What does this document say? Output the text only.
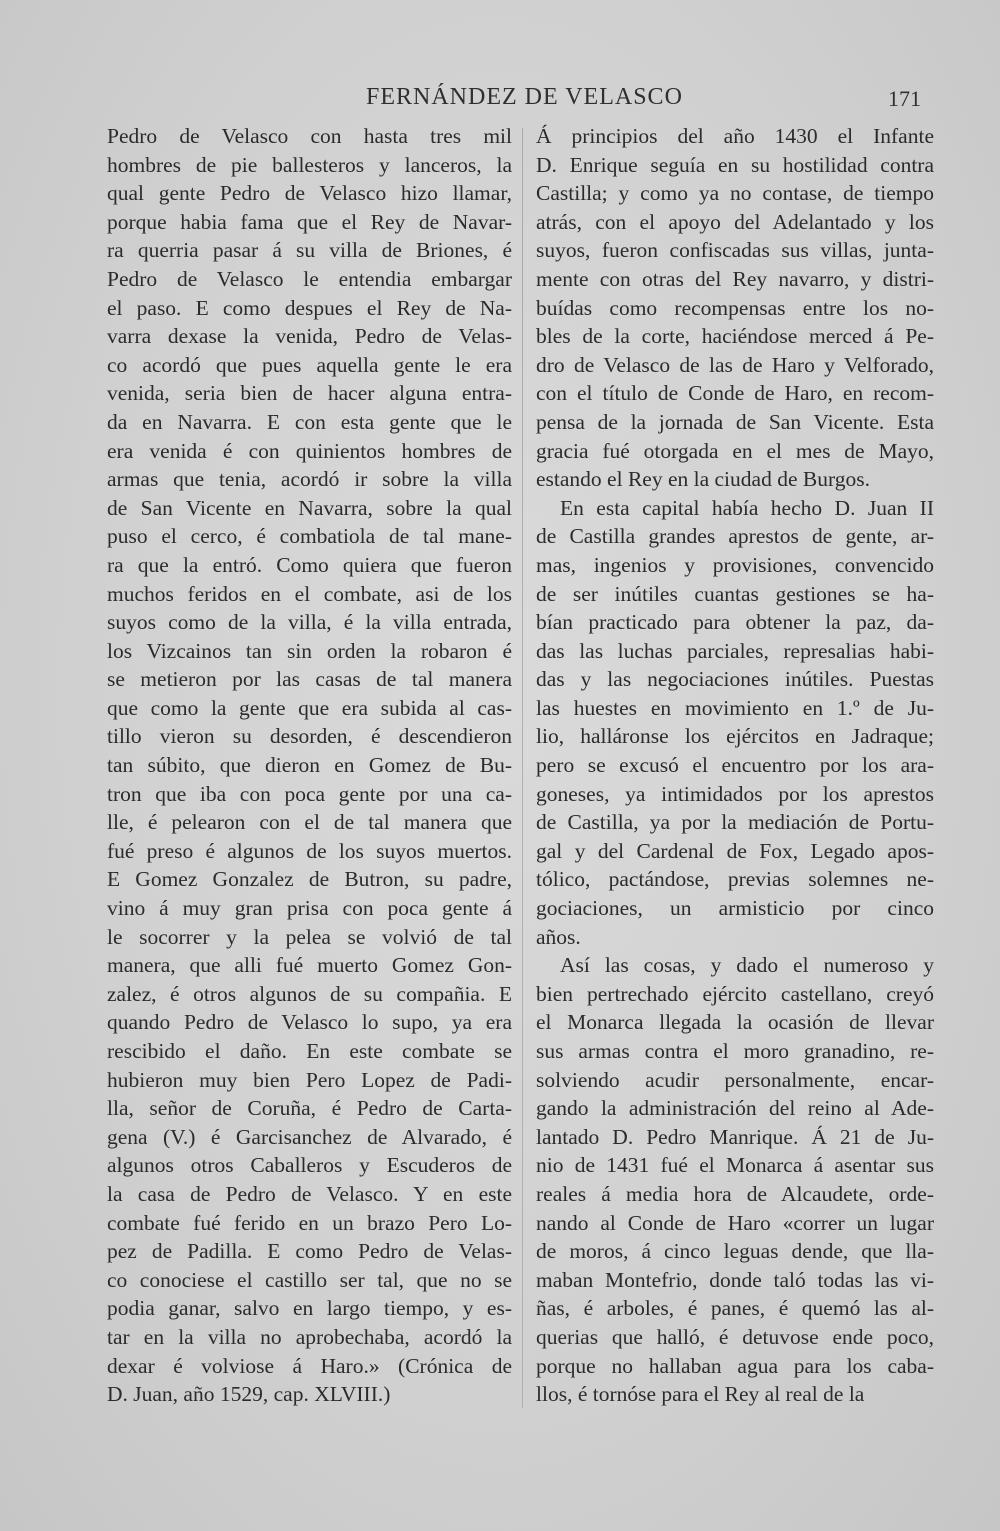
FERNÁNDEZ DE VELASCO	171
Pedro de Velasco con hasta tres mil
hombres de pie ballesteros y lanceros, la
qual gente Pedro de Velasco hizo llamar,
porque habia fama que el Rey de Navar-
ra querria pasar á su villa de Briones, é
Pedro de Velasco le entendia embargar
el paso. E como despues el Rey de Na-
varra dexase la venida, Pedro de Velas-
co acordó que pues aquella gente le era
venida, seria bien de hacer alguna entra-
da en Navarra. E con esta gente que le
era venida é con quinientos hombres de
armas que tenia, acordó ir sobre la villa
de San Vicente en Navarra, sobre la qual
puso el cerco, é combatiola de tal mane-
ra que la entró. Como quiera que fueron
muchos feridos en el combate, asi de los
suyos como de la villa, é la villa entrada,
los Vizcainos tan sin orden la robaron é
se metieron por las casas de tal manera
que como la gente que era subida al cas-
tillo vieron su desorden, é descendieron
tan súbito, que dieron en Gomez de Bu-
tron que iba con poca gente por una ca-
lle, é pelearon con el de tal manera que
fué preso é algunos de los suyos muertos.
E Gomez Gonzalez de Butron, su padre,
vino á muy gran prisa con poca gente á
le socorrer y la pelea se volvió de tal
manera, que alli fué muerto Gomez Gon-
zalez, é otros algunos de su compañia. E
quando Pedro de Velasco lo supo, ya era
rescibido el daño. En este combate se
hubieron muy bien Pero Lopez de Padi-
lla, señor de Coruña, é Pedro de Carta-
gena (V.) é Garcisanchez de Alvarado, é
algunos otros Caballeros y Escuderos de
la casa de Pedro de Velasco. Y en este
combate fué ferido en un brazo Pero Lo-
pez de Padilla. E como Pedro de Velas-
co conociese el castillo ser tal, que no se
podia ganar, salvo en largo tiempo, y es-
tar en la villa no aprobechaba, acordó la
dexar é volviose á Haro.» (Crónica de
D. Juan, año 1529, cap. XLVIII.)
Á principios del año 1430 el Infante
D. Enrique seguía en su hostilidad contra
Castilla; y como ya no contase, de tiempo
atrás, con el apoyo del Adelantado y los
suyos, fueron confiscadas sus villas, junta-
mente con otras del Rey navarro, y distri-
buídas como recompensas entre los no-
bles de la corte, haciéndose merced á Pe-
dro de Velasco de las de Haro y Velforado,
con el título de Conde de Haro, en recom-
pensa de la jornada de San Vicente. Esta
gracia fué otorgada en el mes de Mayo,
estando el Rey en la ciudad de Burgos.
En esta capital había hecho D. Juan II
de Castilla grandes aprestos de gente, ar-
mas, ingenios y provisiones, convencido
de ser inútiles cuantas gestiones se ha-
bían practicado para obtener la paz, da-
das las luchas parciales, represalias habi-
das y las negociaciones inútiles. Puestas
las huestes en movimiento en 1.º de Ju-
lio, halláronse los ejércitos en Jadraque;
pero se excusó el encuentro por los ara-
goneses, ya intimidados por los aprestos
de Castilla, ya por la mediación de Portu-
gal y del Cardenal de Fox, Legado apos-
tólico, pactándose, previas solemnes ne-
gociaciones, un armisticio por cinco
años.
Así las cosas, y dado el numeroso y
bien pertrechado ejército castellano, creyó
el Monarca llegada la ocasión de llevar
sus armas contra el moro granadino, re-
solviendo acudir personalmente, encar-
gando la administración del reino al Ade-
lantado D. Pedro Manrique. Á 21 de Ju-
nio de 1431 fué el Monarca á asentar sus
reales á media hora de Alcaudete, orde-
nando al Conde de Haro «correr un lugar
de moros, á cinco leguas dende, que lla-
maban Montefrio, donde taló todas las vi-
ñas, é arboles, é panes, é quemó las al-
querias que halló, é detuvose ende poco,
porque no hallaban agua para los caba-
llos, é tornóse para el Rey al real de la
